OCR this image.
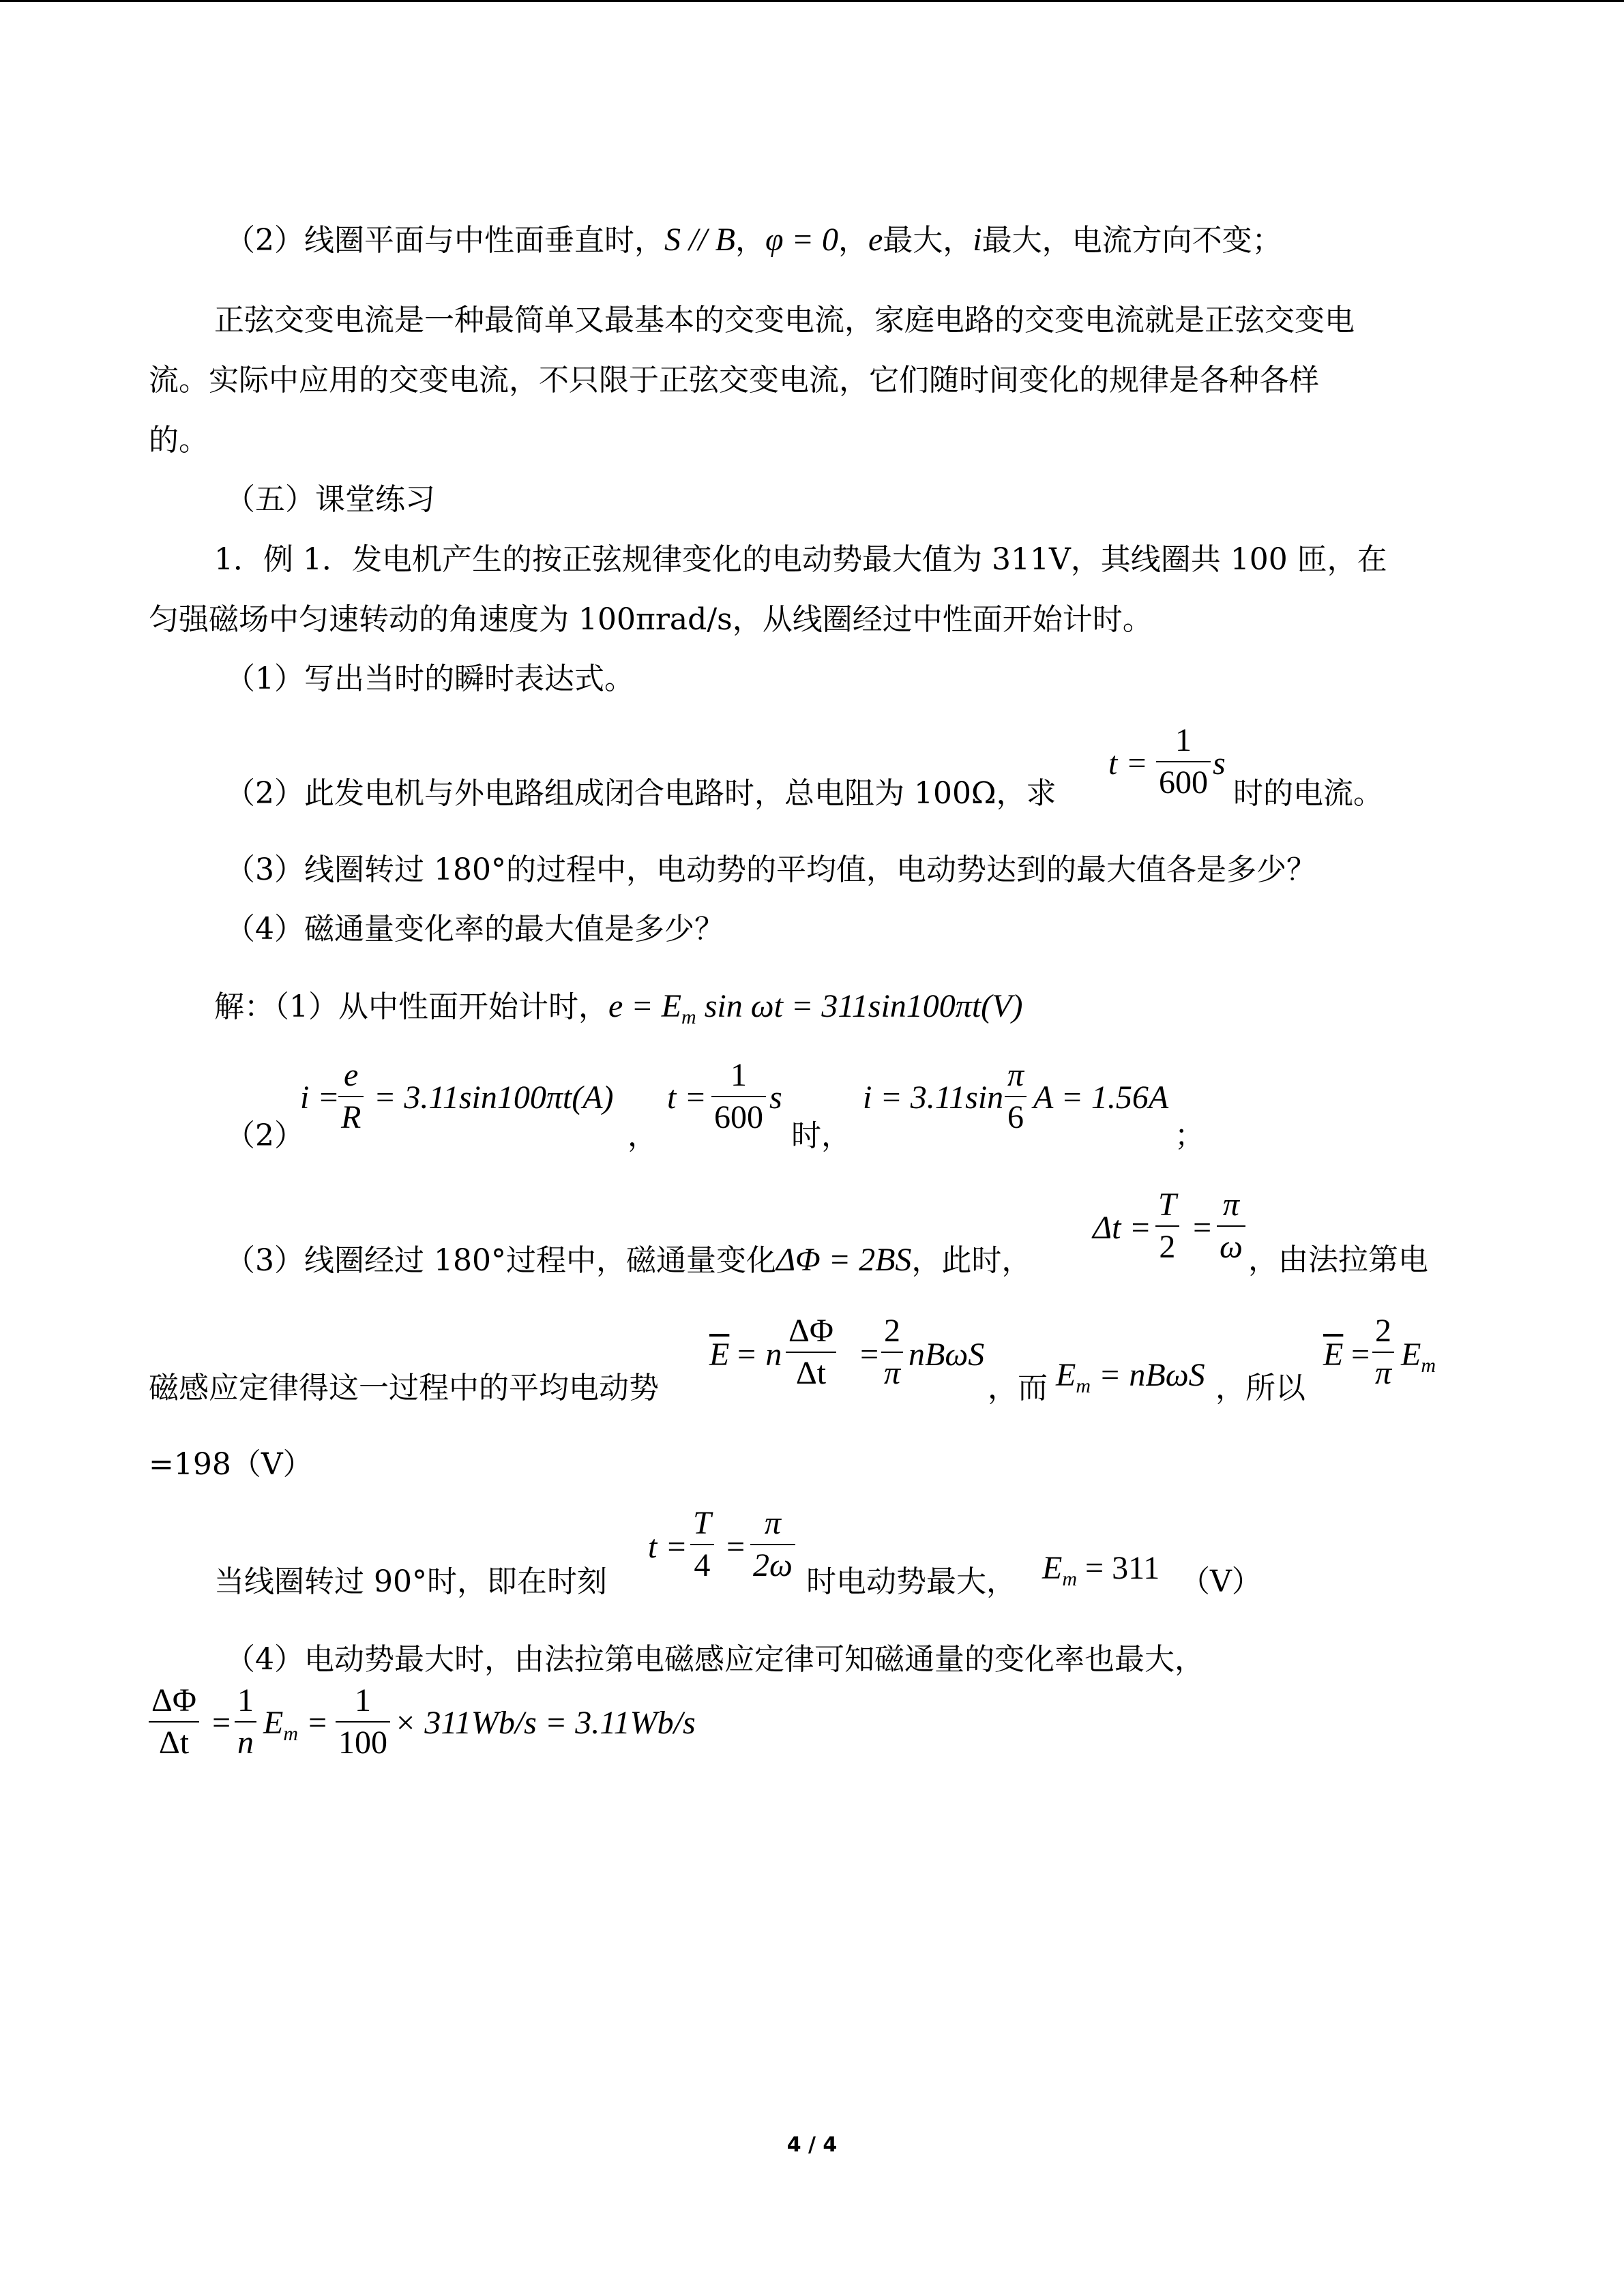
（2）线圈平面与中性面垂直时，S // B，φ = 0，e最大，i最大，电流方向不变；
正弦交变电流是一种最简单又最基本的交变电流，家庭电路的交变电流就是正弦交变电
流。实际中应用的交变电流，不只限于正弦交变电流，它们随时间变化的规律是各种各样
的。
（五）课堂练习
1．例 1．发电机产生的按正弦规律变化的电动势最大值为 311V，其线圈共 100 匝，在
匀强磁场中匀速转动的角速度为 100πrad/s，从线圈经过中性面开始计时。
（1）写出当时的瞬时表达式。
（2）此发电机与外电路组成闭合电路时，总电阻为 100Ω，求
$t = \frac{1}{600}$ s
时的电流。
（3）线圈转过 180°的过程中，电动势的平均值，电动势达到的最大值各是多少？
（4）磁通量变化率的最大值是多少？
解：（1）从中性面开始计时，$e = E_m$ sin ωt = 311sin100πt(V)
（2）
i =
$\frac{e}{R} = 3.11\sin 100\pi t(A)$
，
$t = \frac{1}{600}$ s
时，
$i = 3.11\sin \frac{\pi}{6}$ A = 1.56A
；
（3）线圈经过 180°过程中，磁通量变化ΔΦ = 2BS，此时，
$\Delta t = \frac{T}{2} = \frac{\pi}{\omega}$ ，由法拉第电
磁感应定律得这一过程中的平均电动势
$\overline{E} = n \frac{\Delta\Phi}{\Delta t} = \frac{2}{\pi}$ nBωS
，而 $E_m = nB\omega S$ ，所以
$\overline{E} = \frac{2}{\pi} E_m$
=198（V）
当线圈转过 90°时，即在时刻
$t = \frac{T}{4} = \frac{\pi}{2\omega}$ 时电动势最大， $E_m = 311$ （V）
（4）电动势最大时，由法拉第电磁感应定律可知磁通量的变化率也最大，
$\frac{\Delta\Phi}{\Delta t} = \frac{1}{n} E_m = \frac{1}{100} \times 311Wb/s = 3.11Wb/s$
4 / 4
